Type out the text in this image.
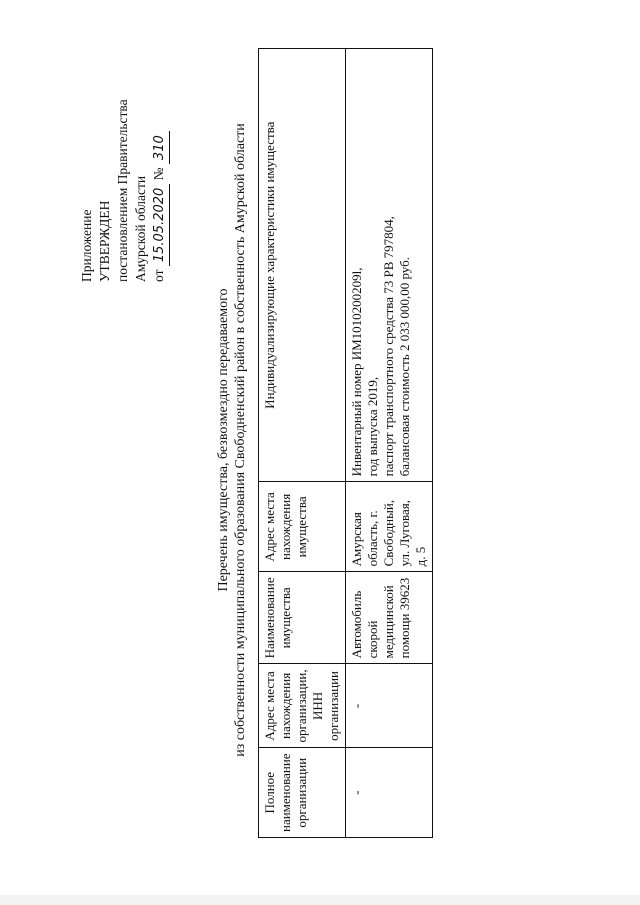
Приложение УТВЕРЖДЕН постановлением Правительства Амурской области от 15.05.2020 № 310
Перечень имущества, безвозмездно передаваемого из собственности муниципального образования Свободненский район в собственность Амурской области
Полное наименование организации	Адрес места нахождения организации, ИНН организации	Наименование имущества	Адрес места нахождения имущества	Индивидуализирующие характеристики имущества
-	-	Автомобиль скорой медицинской помощи 39623	Амурская область, г. Свободный, ул. Луговая, д. 5	Инвентарный номер ИМ1010200209l, год выпуска 2019, паспорт транспортного средства 73 РВ 797804, балансовая стоимость 2 033 000,00 руб.
